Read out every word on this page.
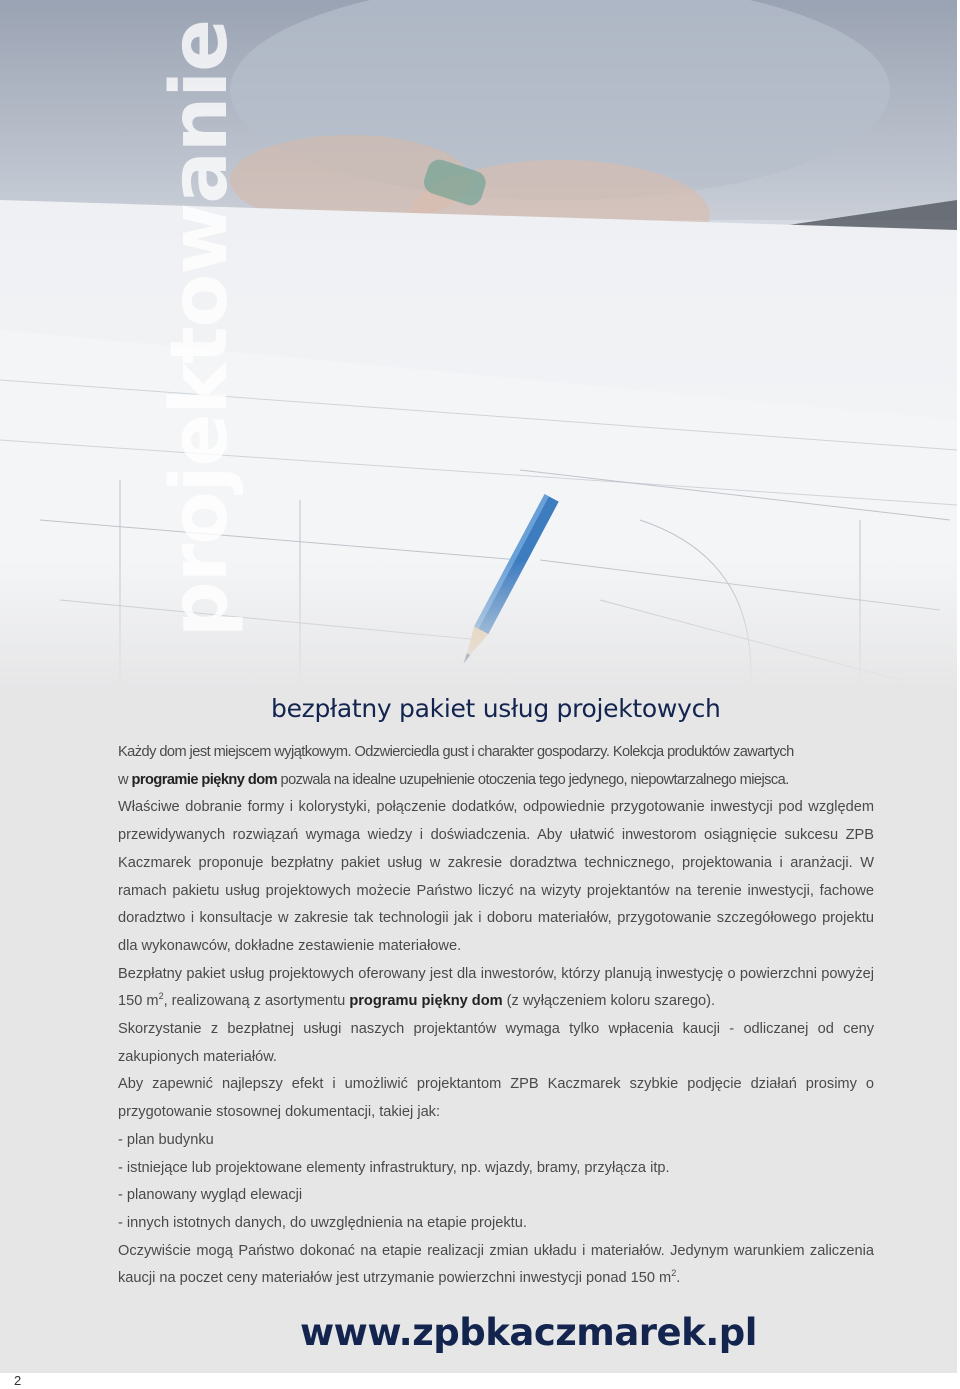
projektowanie
bezpłatny pakiet usług projektowych

Każdy dom jest miejscem wyjątkowym. Odzwierciedla gust i charakter gospodarzy. Kolekcja produktów zawartych
w programie piękny dom pozwala na idealne uzupełnienie otoczenia tego jedynego, niepowtarzalnego miejsca.

Właściwe dobranie formy i kolorystyki, połączenie dodatków, odpowiednie przygotowanie inwestycji pod względem przewidywanych rozwiązań wymaga wiedzy i doświadczenia. Aby ułatwić inwestorom osiągnięcie sukcesu ZPB Kaczmarek proponuje bezpłatny pakiet usług w zakresie doradztwa technicznego, projektowania i aranżacji. W ramach pakietu usług projektowych możecie Państwo liczyć na wizyty projektantów na terenie inwestycji, fachowe doradztwo i konsultacje w zakresie tak technologii jak i doboru materiałów, przygotowanie szczegółowego projektu dla wykonawców, dokładne zestawienie materiałowe.

Bezpłatny pakiet usług projektowych oferowany jest dla inwestorów, którzy planują inwestycję o powierzchni powyżej 150 $m^2$, realizowaną z asortymentu programu piękny dom (z wyłączeniem koloru szarego).

Skorzystanie z bezpłatnej usługi naszych projektantów wymaga tylko wpłacenia kaucji - odliczanej od ceny zakupionych materiałów.

Aby zapewnić najlepszy efekt i umożliwić projektantom ZPB Kaczmarek szybkie podjęcie działań prosimy o przygotowanie stosownej dokumentacji, takiej jak:

- plan budynku

- istniejące lub projektowane elementy infrastruktury, np. wjazdy, bramy, przyłącza itp.

- planowany wygląd elewacji

- innych istotnych danych, do uwzględnienia na etapie projektu.

Oczywiście mogą Państwo dokonać na etapie realizacji zmian układu i materiałów. Jedynym warunkiem zaliczenia kaucji na poczet ceny materiałów jest utrzymanie powierzchni inwestycji ponad 150 $m^2$.

www.zpbkaczmarek.pl
2
